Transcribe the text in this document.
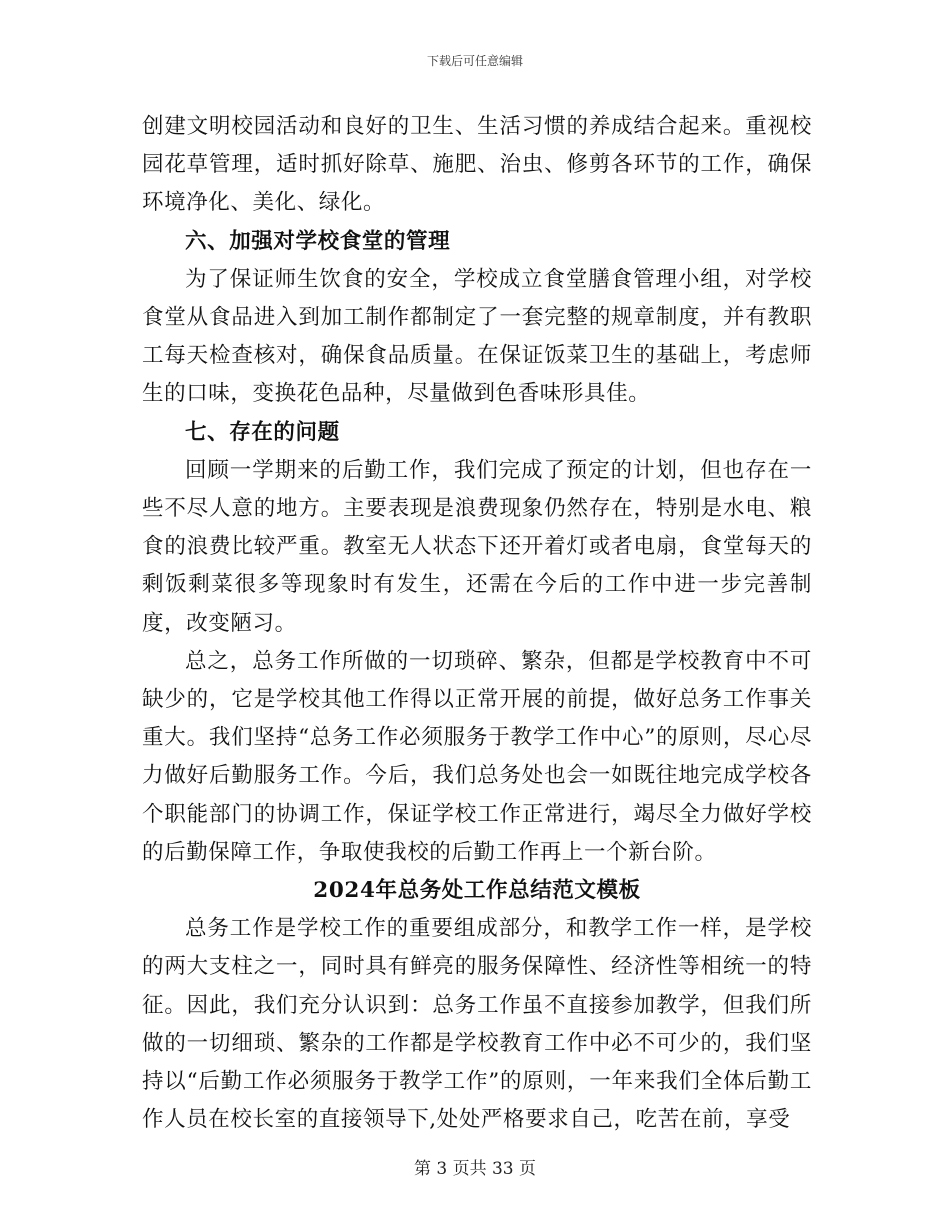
下载后可任意编辑

创建文明校园活动和良好的卫生、生活习惯的养成结合起来。重视校园花草管理，适时抓好除草、施肥、治虫、修剪各环节的工作，确保环境净化、美化、绿化。

六、加强对学校食堂的管理

为了保证师生饮食的安全，学校成立食堂膳食管理小组，对学校食堂从食品进入到加工制作都制定了一套完整的规章制度，并有教职工每天检查核对，确保食品质量。在保证饭菜卫生的基础上，考虑师生的口味，变换花色品种，尽量做到色香味形具佳。

七、存在的问题

回顾一学期来的后勤工作，我们完成了预定的计划，但也存在一些不尽人意的地方。主要表现是浪费现象仍然存在，特别是水电、粮食的浪费比较严重。教室无人状态下还开着灯或者电扇，食堂每天的剩饭剩菜很多等现象时有发生，还需在今后的工作中进一步完善制度，改变陋习。

总之，总务工作所做的一切琐碎、繁杂，但都是学校教育中不可缺少的，它是学校其他工作得以正常开展的前提，做好总务工作事关重大。我们坚持“总务工作必须服务于教学工作中心”的原则，尽心尽力做好后勤服务工作。今后，我们总务处也会一如既往地完成学校各个职能部门的协调工作，保证学校工作正常进行，竭尽全力做好学校的后勤保障工作，争取使我校的后勤工作再上一个新台阶。

2024年总务处工作总结范文模板

总务工作是学校工作的重要组成部分，和教学工作一样，是学校的两大支柱之一，同时具有鲜亮的服务保障性、经济性等相统一的特征。因此，我们充分认识到：总务工作虽不直接参加教学，但我们所做的一切细琐、繁杂的工作都是学校教育工作中必不可少的，我们坚持以“后勤工作必须服务于教学工作”的原则，一年来我们全体后勤工作人员在校长室的直接领导下,处处严格要求自己，吃苦在前，享受

第 3 页共 33 页
